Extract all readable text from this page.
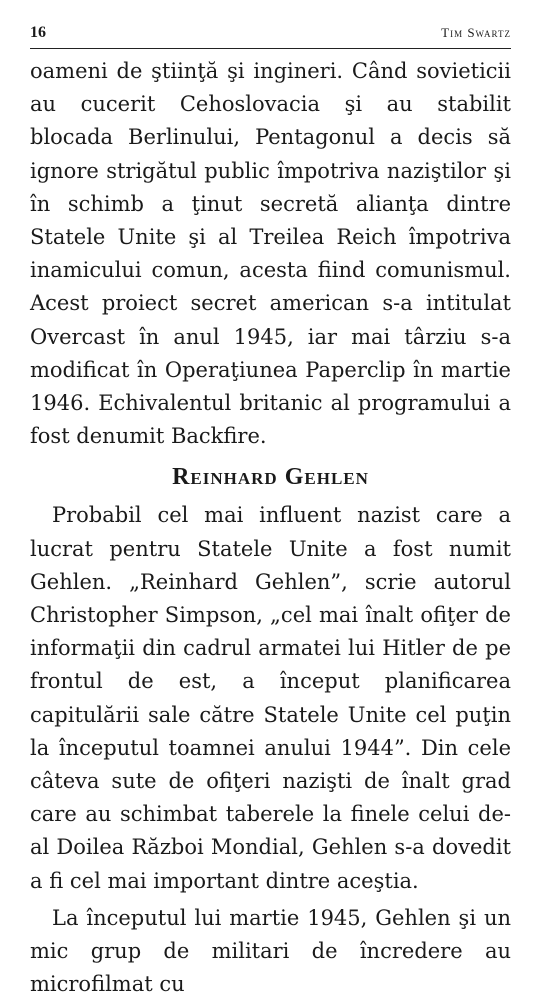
16	Tim Swartz

oameni de ştiinţă şi ingineri. Când sovieticii au cucerit Cehoslovacia şi au stabilit blocada Berlinului, Pentagonul a decis să ignore strigătul public împotriva naziştilor şi în schimb a ţinut secretă alianţa dintre Statele Unite şi al Treilea Reich împotriva inamicului comun, acesta fiind comunismul. Acest proiect secret american s-a intitulat Overcast în anul 1945, iar mai târziu s-a modificat în Operaţiunea Paperclip în martie 1946. Echivalentul britanic al programului a fost denumit Backfire.

Reinhard Gehlen

Probabil cel mai influent nazist care a lucrat pentru Statele Unite a fost numit Gehlen. „Reinhard Gehlen”, scrie autorul Christopher Simpson, „cel mai înalt ofiţer de informaţii din cadrul armatei lui Hitler de pe frontul de est, a început planificarea capitulării sale către Statele Unite cel puţin la începutul toamnei anului 1944”. Din cele câteva sute de ofiţeri nazişti de înalt grad care au schimbat taberele la finele celui de-al Doilea Război Mondial, Gehlen s-a dovedit a fi cel mai important dintre aceştia.

La începutul lui martie 1945, Gehlen şi un mic grup de militari de încredere au microfilmat cu
